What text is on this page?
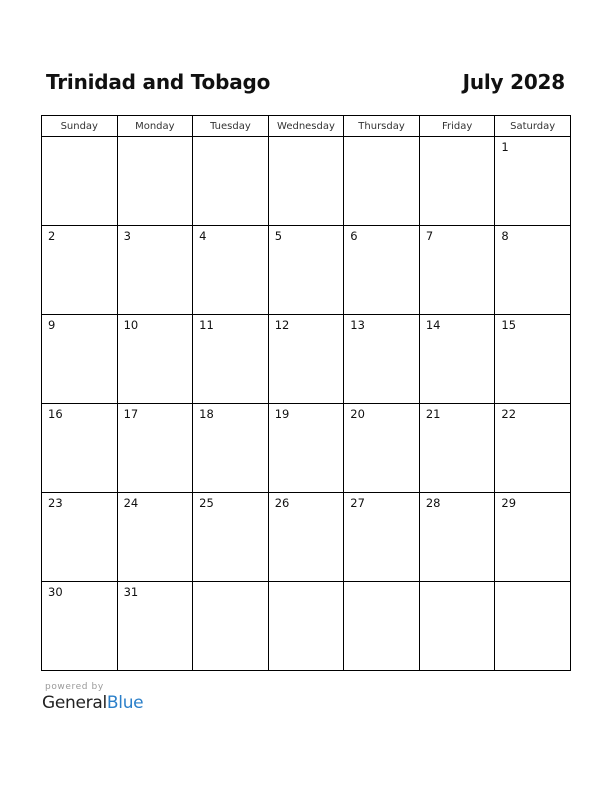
Trinidad and Tobago	July 2028
Sunday	Monday	Tuesday	Wednesday	Thursday	Friday	Saturday

						1

2	3	4	5	6	7	8

9	10	11	12	13	14	15

16	17	18	19	20	21	22

23	24	25	26	27	28	29

30	31					

powered by
GeneralBlue
